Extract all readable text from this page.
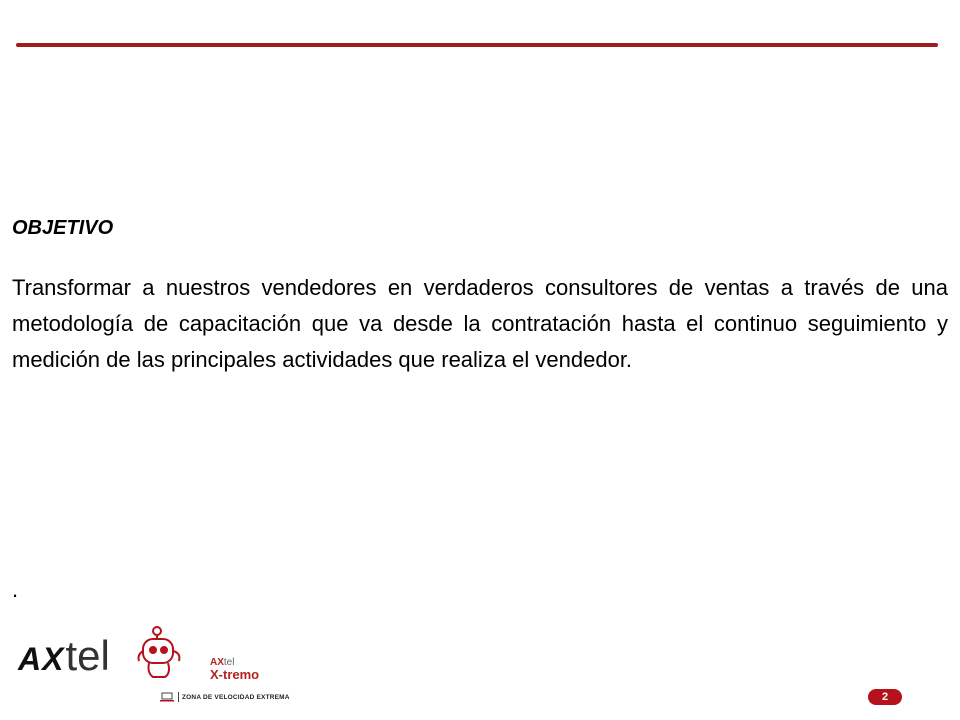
OBJETIVO

Transformar a nuestros vendedores en verdaderos consultores de ventas a través de una metodología de capacitación que va desde la contratación hasta el continuo seguimiento y medición de las principales actividades que realiza el vendedor.

.
AX tel	AXtel
X-tremo
ZONA DE VELOCIDAD EXTREMA	2
